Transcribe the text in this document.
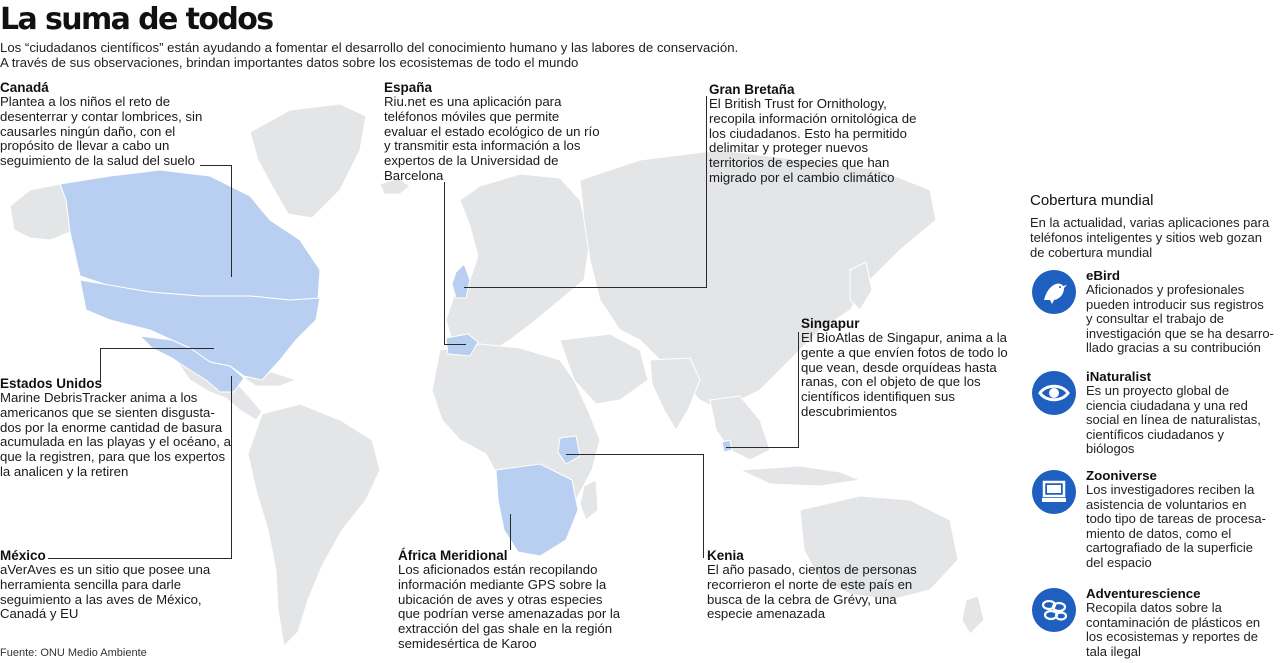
La suma de todos
Los “ciudadanos científicos” están ayudando a fomentar el desarrollo del conocimiento humano y las labores de conservación.
A través de sus observaciones, brindan importantes datos sobre los ecosistemas de todo el mundo
Canadá

Plantea a los niños el reto de
desenterrar y contar lombrices, sin
causarles ningún daño, con el
propósito de llevar a cabo un
seguimiento de la salud del suelo

España

Riu.net es una aplicación para
teléfonos móviles que permite
evaluar el estado ecológico de un río
y transmitir esta información a los
expertos de la Universidad de
Barcelona

Gran Bretaña

El British Trust for Ornithology,
recopila información ornitológica de
los ciudadanos. Esto ha permitido
delimitar y proteger nuevos
territorios de especies que han
migrado por el cambio climático

Singapur

El BioAtlas de Singapur, anima a la
gente a que envíen fotos de todo lo
que vean, desde orquídeas hasta
ranas, con el objeto de que los
científicos identifiquen sus
descubrimientos

Estados Unidos

Marine DebrisTracker anima a los
americanos que se sienten disgusta-
dos por la enorme cantidad de basura
acumulada en las playas y el océano, a
que la registren, para que los expertos
la analicen y la retiren

México

aVerAves es un sitio que posee una
herramienta sencilla para darle
seguimiento a las aves de México,
Canadá y EU

África Meridional

Los aficionados están recopilando
información mediante GPS sobre la
ubicación de aves y otras especies
que podrían verse amenazadas por la
extracción del gas shale en la región
semidesértica de Karoo

Kenia

El año pasado, cientos de personas
recorrieron el norte de este país en
busca de la cebra de Grévy, una
especie amenazada

Cobertura mundial
En la actualidad, varias aplicaciones para
teléfonos inteligentes y sitios web gozan
de cobertura mundial
eBird

Aficionados y profesionales
pueden introducir sus registros
y consultar el trabajo de
investigación que se ha desarro-
llado gracias a su contribución

iNaturalist

Es un proyecto global de
ciencia ciudadana y una red
social en línea de naturalistas,
científicos ciudadanos y
biólogos

Zooniverse

Los investigadores reciben la
asistencia de voluntarios en
todo tipo de tareas de procesa-
miento de datos, como el
cartografiado de la superficie
del espacio

Adventurescience

Recopila datos sobre la
contaminación de plásticos en
los ecosistemas y reportes de
tala ilegal

Fuente: ONU Medio Ambiente
